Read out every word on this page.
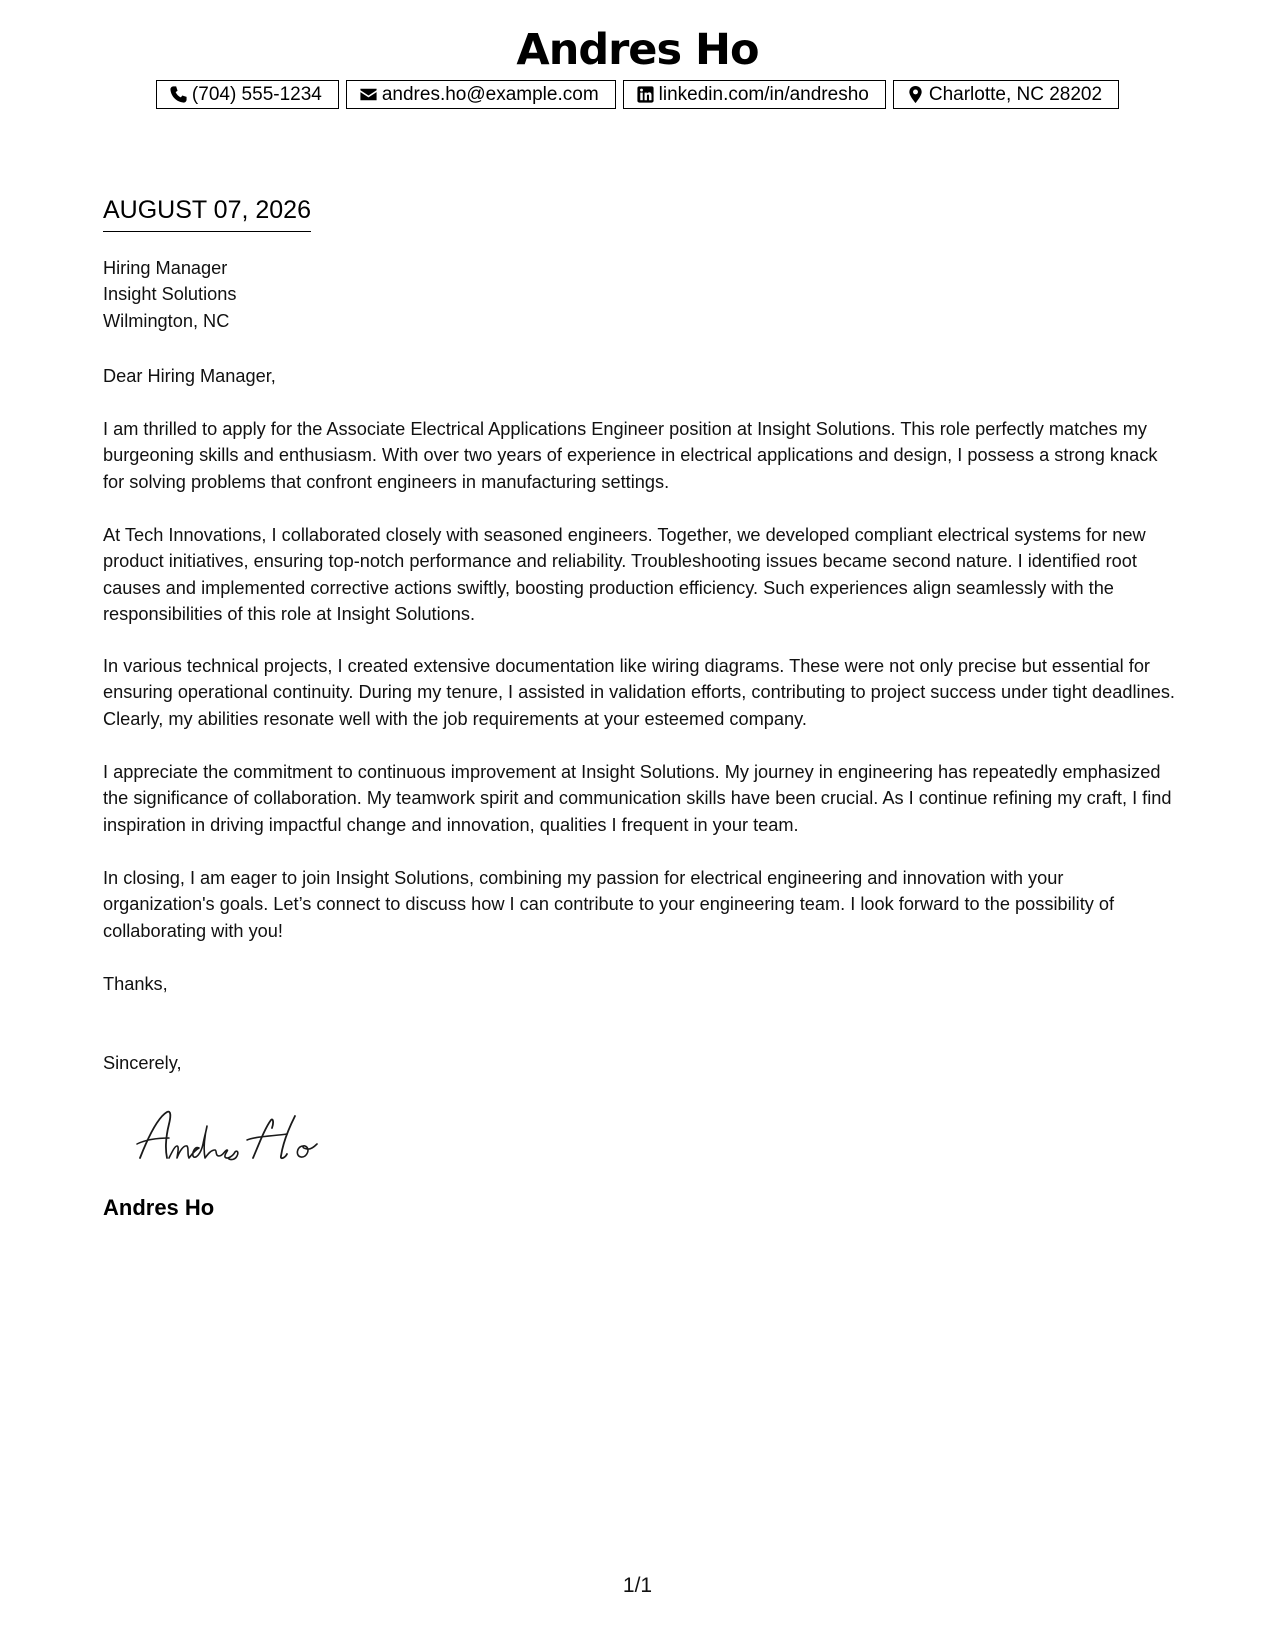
Andres Ho
(704) 555-1234	andres.ho@example.com	linkedin.com/in/andresho	Charlotte, NC 28202
AUGUST 07, 2026
Hiring Manager
Insight Solutions
Wilmington, NC
Dear Hiring Manager,

I am thrilled to apply for the Associate Electrical Applications Engineer position at Insight Solutions. This role perfectly matches my burgeoning skills and enthusiasm. With over two years of experience in electrical applications and design, I possess a strong knack for solving problems that confront engineers in manufacturing settings.

At Tech Innovations, I collaborated closely with seasoned engineers. Together, we developed compliant electrical systems for new product initiatives, ensuring top-notch performance and reliability. Troubleshooting issues became second nature. I identified root causes and implemented corrective actions swiftly, boosting production efficiency. Such experiences align seamlessly with the responsibilities of this role at Insight Solutions.

In various technical projects, I created extensive documentation like wiring diagrams. These were not only precise but essential for ensuring operational continuity. During my tenure, I assisted in validation efforts, contributing to project success under tight deadlines. Clearly, my abilities resonate well with the job requirements at your esteemed company.

I appreciate the commitment to continuous improvement at Insight Solutions. My journey in engineering has repeatedly emphasized the significance of collaboration. My teamwork spirit and communication skills have been crucial. As I continue refining my craft, I find inspiration in driving impactful change and innovation, qualities I frequent in your team.

In closing, I am eager to join Insight Solutions, combining my passion for electrical engineering and innovation with your organization's goals. Let’s connect to discuss how I can contribute to your engineering team. I look forward to the possibility of collaborating with you!

Thanks,
Sincerely,
Andres Ho
1/1
